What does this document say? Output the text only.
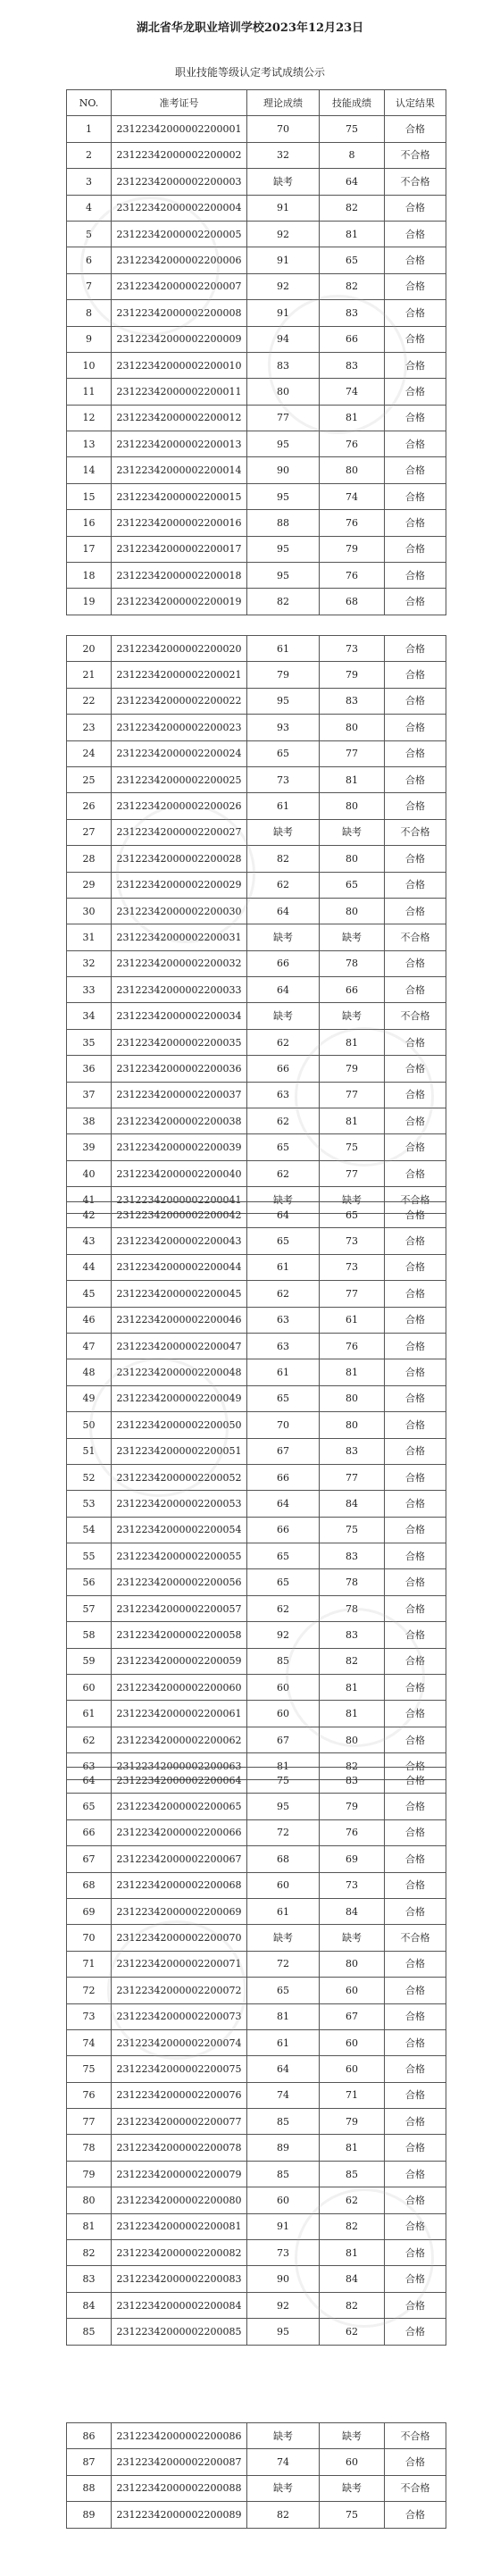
湖北省华龙职业培训学校2023年12月23日
职业技能等级认定考试成绩公示
NO.	准考证号	理论成绩	技能成绩	认定结果
1	23122342000002200001	70	75	合格
2	23122342000002200002	32	8	不合格
3	23122342000002200003	缺考	64	不合格
4	23122342000002200004	91	82	合格
5	23122342000002200005	92	81	合格
6	23122342000002200006	91	65	合格
7	23122342000002200007	92	82	合格
8	23122342000002200008	91	83	合格
9	23122342000002200009	94	66	合格
10	23122342000002200010	83	83	合格
11	23122342000002200011	80	74	合格
12	23122342000002200012	77	81	合格
13	23122342000002200013	95	76	合格
14	23122342000002200014	90	80	合格
15	23122342000002200015	95	74	合格
16	23122342000002200016	88	76	合格
17	23122342000002200017	95	79	合格
18	23122342000002200018	95	76	合格
19	23122342000002200019	82	68	合格
20	23122342000002200020	61	73	合格
21	23122342000002200021	79	79	合格
22	23122342000002200022	95	83	合格
23	23122342000002200023	93	80	合格
24	23122342000002200024	65	77	合格
25	23122342000002200025	73	81	合格
26	23122342000002200026	61	80	合格
27	23122342000002200027	缺考	缺考	不合格
28	23122342000002200028	82	80	合格
29	23122342000002200029	62	65	合格
30	23122342000002200030	64	80	合格
31	23122342000002200031	缺考	缺考	不合格
32	23122342000002200032	66	78	合格
33	23122342000002200033	64	66	合格
34	23122342000002200034	缺考	缺考	不合格
35	23122342000002200035	62	81	合格
36	23122342000002200036	66	79	合格
37	23122342000002200037	63	77	合格
38	23122342000002200038	62	81	合格
39	23122342000002200039	65	75	合格
40	23122342000002200040	62	77	合格
41	23122342000002200041	缺考	缺考	不合格
42	23122342000002200042	64	65	合格
43	23122342000002200043	65	73	合格
44	23122342000002200044	61	73	合格
45	23122342000002200045	62	77	合格
46	23122342000002200046	63	61	合格
47	23122342000002200047	63	76	合格
48	23122342000002200048	61	81	合格
49	23122342000002200049	65	80	合格
50	23122342000002200050	70	80	合格
51	23122342000002200051	67	83	合格
52	23122342000002200052	66	77	合格
53	23122342000002200053	64	84	合格
54	23122342000002200054	66	75	合格
55	23122342000002200055	65	83	合格
56	23122342000002200056	65	78	合格
57	23122342000002200057	62	78	合格
58	23122342000002200058	92	83	合格
59	23122342000002200059	85	82	合格
60	23122342000002200060	60	81	合格
61	23122342000002200061	60	81	合格
62	23122342000002200062	67	80	合格
63	23122342000002200063	81	82	合格
64	23122342000002200064	75	83	合格
65	23122342000002200065	95	79	合格
66	23122342000002200066	72	76	合格
67	23122342000002200067	68	69	合格
68	23122342000002200068	60	73	合格
69	23122342000002200069	61	84	合格
70	23122342000002200070	缺考	缺考	不合格
71	23122342000002200071	72	80	合格
72	23122342000002200072	65	60	合格
73	23122342000002200073	81	67	合格
74	23122342000002200074	61	60	合格
75	23122342000002200075	64	60	合格
76	23122342000002200076	74	71	合格
77	23122342000002200077	85	79	合格
78	23122342000002200078	89	81	合格
79	23122342000002200079	85	85	合格
80	23122342000002200080	60	62	合格
81	23122342000002200081	91	82	合格
82	23122342000002200082	73	81	合格
83	23122342000002200083	90	84	合格
84	23122342000002200084	92	82	合格
85	23122342000002200085	95	62	合格
86	23122342000002200086	缺考	缺考	不合格
87	23122342000002200087	74	60	合格
88	23122342000002200088	缺考	缺考	不合格
89	23122342000002200089	82	75	合格
